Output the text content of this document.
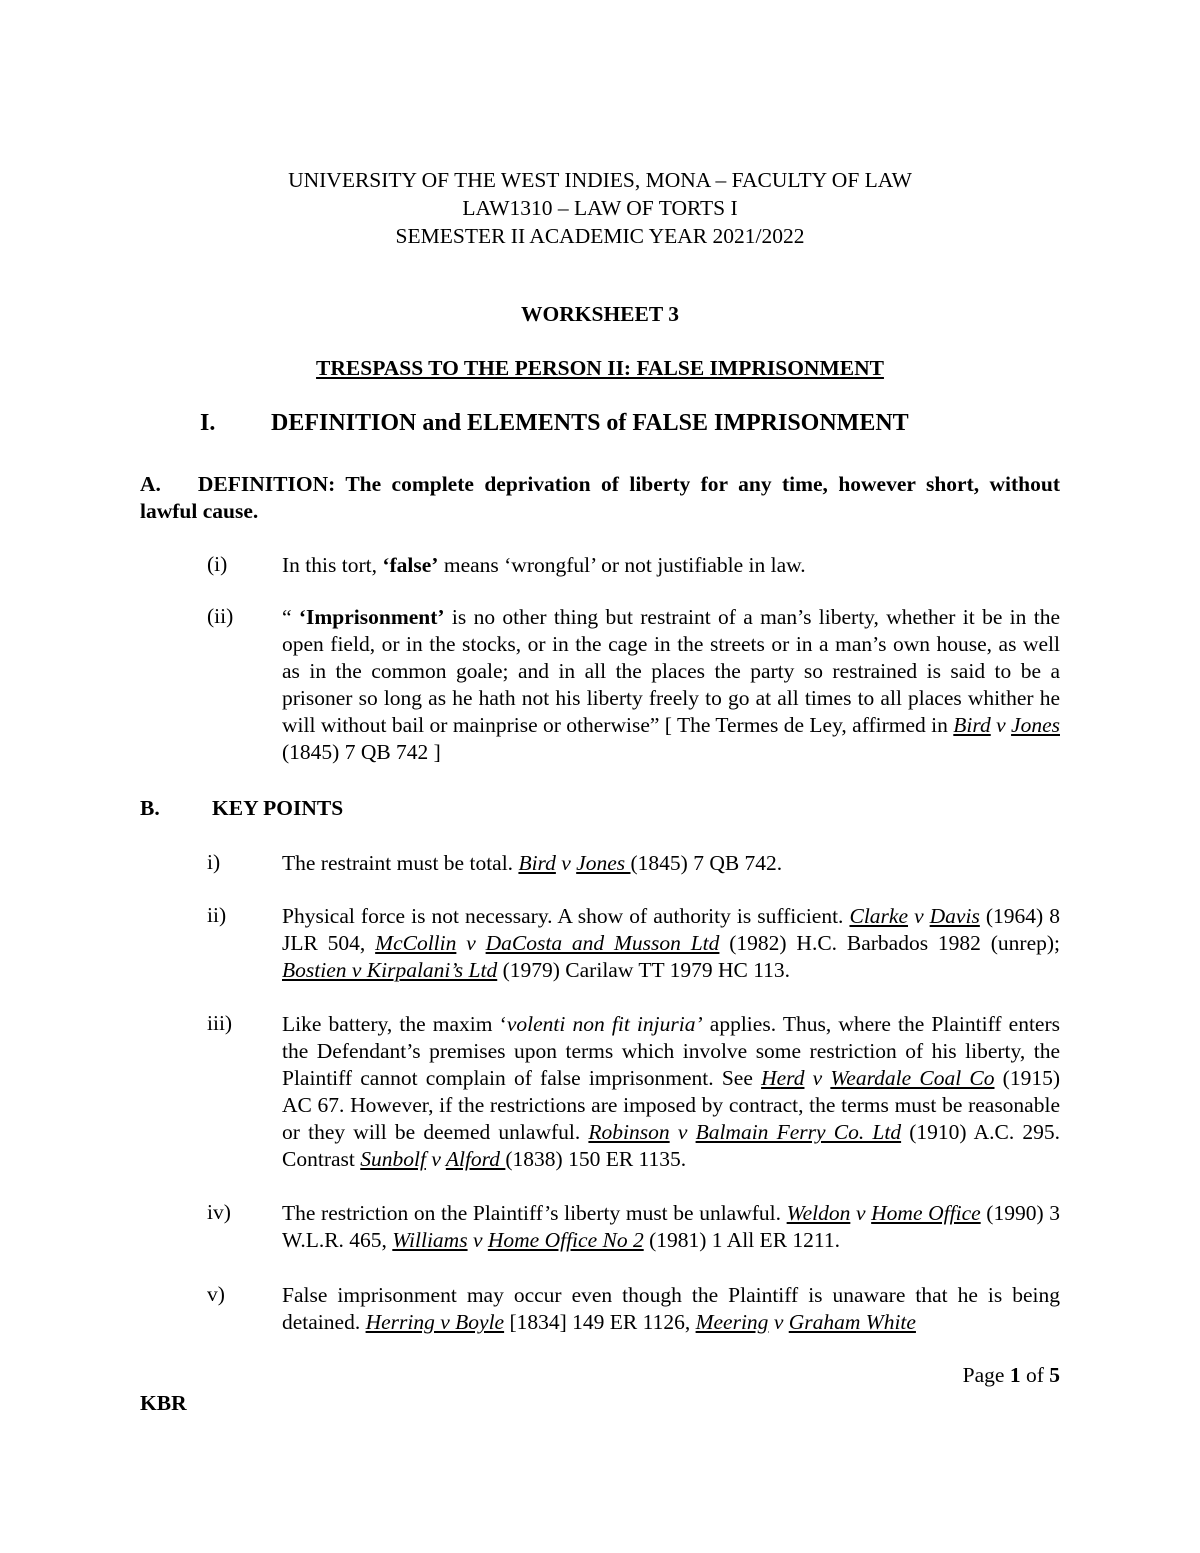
UNIVERSITY OF THE WEST INDIES, MONA – FACULTY OF LAW
LAW1310 – LAW OF TORTS I
SEMESTER II ACADEMIC YEAR 2021/2022
WORKSHEET 3
TRESPASS TO THE PERSON II: FALSE IMPRISONMENT
I. DEFINITION and ELEMENTS of FALSE IMPRISONMENT
A. DEFINITION: The complete deprivation of liberty for any time, however short, without lawful cause.
(i)	In this tort, ‘false’ means ‘wrongful’ or not justifiable in law.
(ii) “ ‘Imprisonment’ is no other thing but restraint of a man’s liberty, whether it be in the open field, or in the stocks, or in the cage in the streets or in a man’s own house, as well as in the common goale; and in all the places the party so restrained is said to be a prisoner so long as he hath not his liberty freely to go at all times to all places whither he will without bail or mainprise or otherwise” [ The Termes de Ley, affirmed in Bird v Jones (1845) 7 QB 742 ]
B. KEY POINTS
i)	The restraint must be total. Bird v Jones (1845) 7 QB 742.
ii)	Physical force is not necessary. A show of authority is sufficient. Clarke v Davis (1964) 8 JLR 504, McCollin v DaCosta and Musson Ltd (1982) H.C. Barbados 1982 (unrep); Bostien v Kirpalani’s Ltd (1979) Carilaw TT 1979 HC 113.
iii) Like battery, the maxim ‘volenti non fit injuria’ applies. Thus, where the Plaintiff enters the Defendant’s premises upon terms which involve some restriction of his liberty, the Plaintiff cannot complain of false imprisonment. See Herd v Weardale Coal Co (1915) AC 67. However, if the restrictions are imposed by contract, the terms must be reasonable or they will be deemed unlawful. Robinson v Balmain Ferry Co. Ltd (1910) A.C. 295. Contrast Sunbolf v Alford (1838) 150 ER 1135.
iv) The restriction on the Plaintiff’s liberty must be unlawful. Weldon v Home Office (1990) 3 W.L.R. 465, Williams v Home Office No 2 (1981) 1 All ER 1211.
v)	False imprisonment may occur even though the Plaintiff is unaware that he is being detained. Herring v Boyle [1834] 149 ER 1126, Meering v Graham White
Page 1 of 5
KBR
